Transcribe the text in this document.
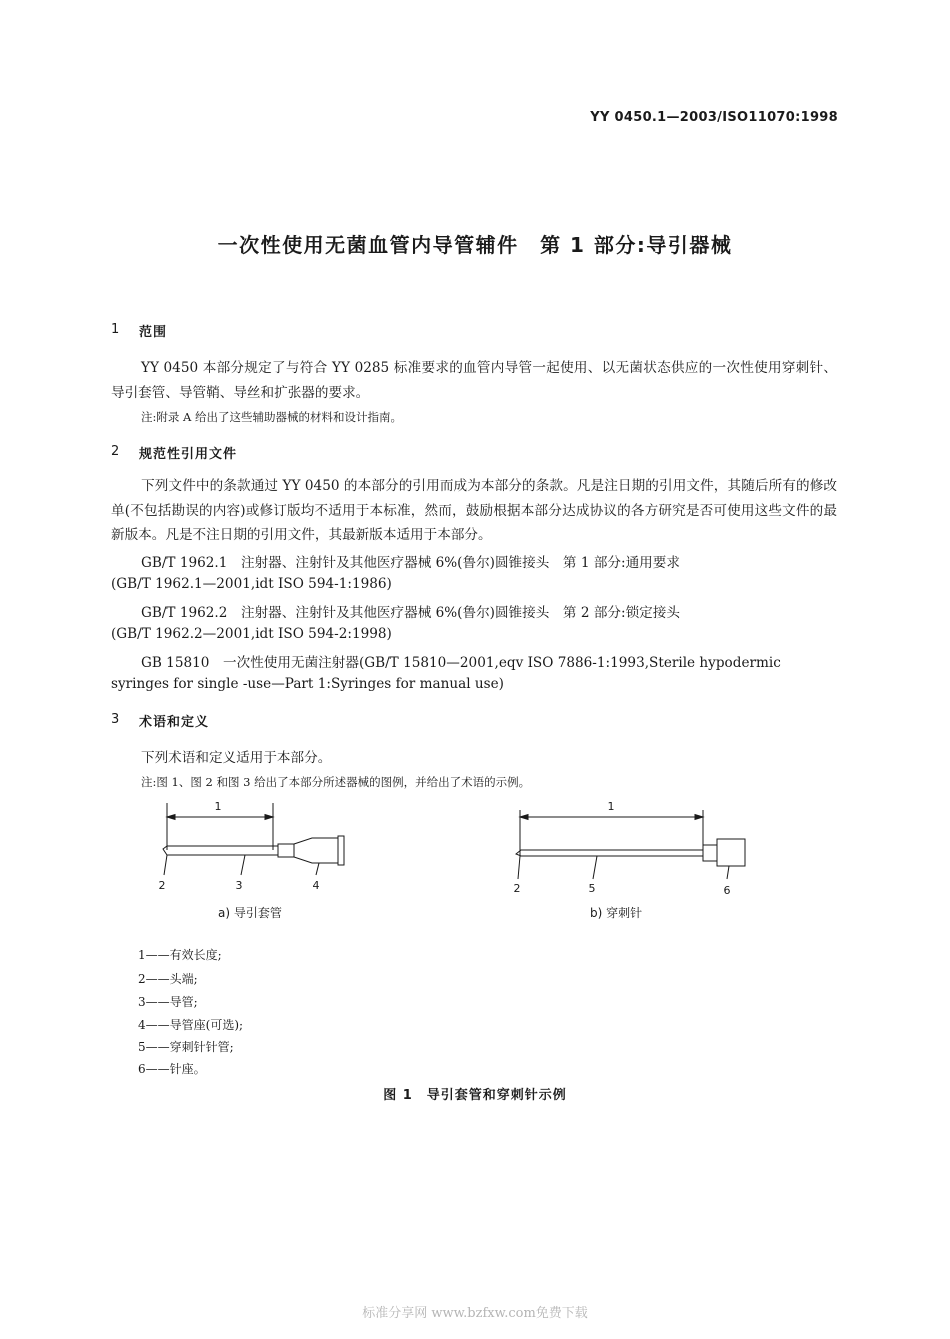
YY 0450.1—2003/ISO11070:1998
一次性使用无菌血管内导管辅件　第 1 部分:导引器械
1 范围
YY 0450 本部分规定了与符合 YY 0285 标准要求的血管内导管一起使用、以无菌状态供应的一次性使用穿刺针、导引套管、导管鞘、导丝和扩张器的要求。
注:附录 A 给出了这些辅助器械的材料和设计指南。
2 规范性引用文件
下列文件中的条款通过 YY 0450 的本部分的引用而成为本部分的条款。凡是注日期的引用文件，其随后所有的修改单(不包括勘误的内容)或修订版均不适用于本标准，然而，鼓励根据本部分达成协议的各方研究是否可使用这些文件的最新版本。凡是不注日期的引用文件，其最新版本适用于本部分。
GB/T 1962.1　注射器、注射针及其他医疗器械 6%(鲁尔)圆锥接头　第 1 部分:通用要求
(GB/T 1962.1—2001,idt ISO 594-1:1986)
GB/T 1962.2　注射器、注射针及其他医疗器械 6%(鲁尔)圆锥接头　第 2 部分:锁定接头
(GB/T 1962.2—2001,idt ISO 594-2:1998)
GB 15810　一次性使用无菌注射器(GB/T 15810—2001,eqv ISO 7886-1:1993,Sterile hypodermic
syringes for single -use—Part 1:Syringes for manual use)
3 术语和定义
下列术语和定义适用于本部分。
注:图 1、图 2 和图 3 给出了本部分所述器械的图例，并给出了术语的示例。
1
2	3	4
a) 导引套管
1
2	5	6
b) 穿刺针
1——有效长度;
2——头端;
3——导管;
4——导管座(可选);
5——穿刺针针管;
6——针座。
图 1　导引套管和穿刺针示例
标准分享网 www.bzfxw.com免费下载
